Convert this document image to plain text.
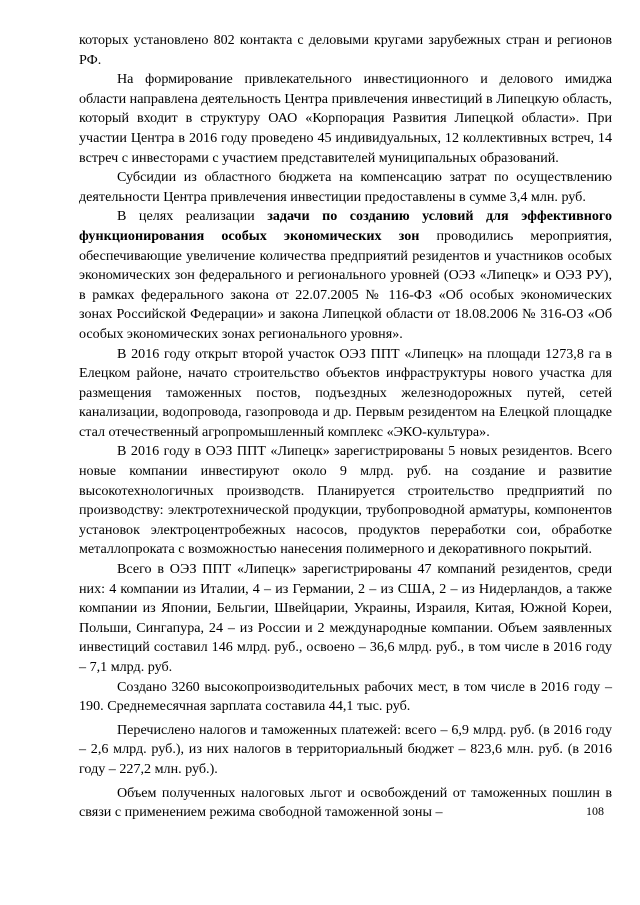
которых установлено 802 контакта с деловыми кругами зарубежных стран и регионов РФ.

На формирование привлекательного инвестиционного и делового имиджа области направлена деятельность Центра привлечения инвестиций в Липецкую область, который входит в структуру ОАО «Корпорация Развития Липецкой области». При участии Центра в 2016 году проведено 45 индивидуальных, 12 коллективных встреч, 14 встреч с инвесторами с участием представителей муниципальных образований.

Субсидии из областного бюджета на компенсацию затрат по осуществлению деятельности Центра привлечения инвестиции предоставлены в сумме 3,4 млн. руб.

В целях реализации задачи по созданию условий для эффективного функционирования особых экономических зон проводились мероприятия, обеспечивающие увеличение количества предприятий резидентов и участников особых экономических зон федерального и регионального уровней (ОЭЗ «Липецк» и ОЭЗ РУ), в рамках федерального закона от 22.07.2005 № 116-ФЗ «Об особых экономических зонах Российской Федерации» и закона Липецкой области от 18.08.2006 № 316-ОЗ «Об особых экономических зонах регионального уровня».

В 2016 году открыт второй участок ОЭЗ ППТ «Липецк» на площади 1273,8 га в Елецком районе, начато строительство объектов инфраструктуры нового участка для размещения таможенных постов, подъездных железнодорожных путей, сетей канализации, водопровода, газопровода и др. Первым резидентом на Елецкой площадке стал отечественный агропромышленный комплекс «ЭКО-культура».

В 2016 году в ОЭЗ ППТ «Липецк» зарегистрированы 5 новых резидентов. Всего новые компании инвестируют около 9 млрд. руб. на создание и развитие высокотехнологичных производств. Планируется строительство предприятий по производству: электротехнической продукции, трубопроводной арматуры, компонентов установок электроцентробежных насосов, продуктов переработки сои, обработке металлопроката с возможностью нанесения полимерного и декоративного покрытий.

Всего в ОЭЗ ППТ «Липецк» зарегистрированы 47 компаний резидентов, среди них: 4 компании из Италии, 4 – из Германии, 2 – из США, 2 – из Нидерландов, а также компании из Японии, Бельгии, Швейцарии, Украины, Израиля, Китая, Южной Кореи, Польши, Сингапура, 24 – из России и 2 международные компании. Объем заявленных инвестиций составил 146 млрд. руб., освоено – 36,6 млрд. руб., в том числе в 2016 году – 7,1 млрд. руб.

Создано 3260 высокопроизводительных рабочих мест, в том числе в 2016 году – 190. Среднемесячная зарплата составила 44,1 тыс. руб.

Перечислено налогов и таможенных платежей: всего – 6,9 млрд. руб. (в 2016 году – 2,6 млрд. руб.), из них налогов в территориальный бюджет – 823,6 млн. руб. (в 2016 году – 227,2 млн. руб.).

Объем полученных налоговых льгот и освобождений от таможенных пошлин в связи с применением режима свободной таможенной зоны –	108
